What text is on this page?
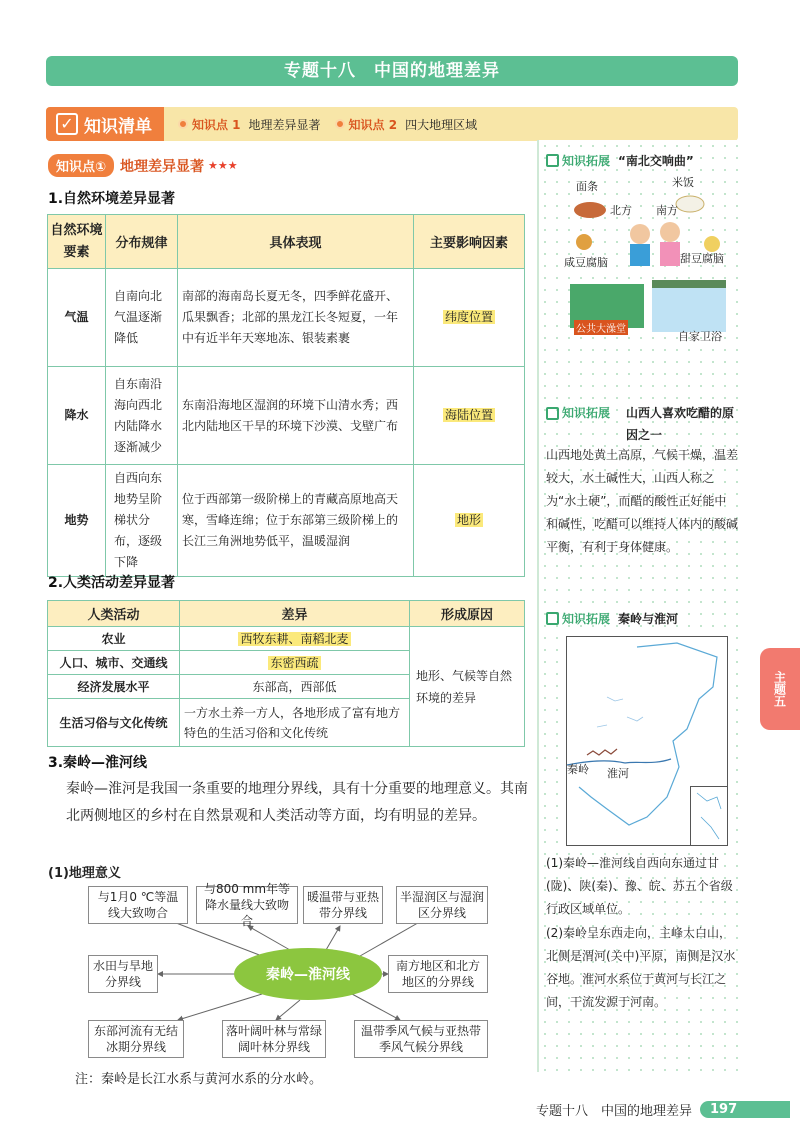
专题十八　中国的地理差异
✓ 知识清单	知识点 1 地理差异显著 知识点 2 四大地理区域
知识点①	地理差异显著 ★★★
1.自然环境差异显著
自然环境要素	分布规律	具体表现	主要影响因素
气温	自南向北气温逐渐降低	南部的海南岛长夏无冬，四季鲜花盛开、瓜果飘香；北部的黑龙江长冬短夏，一年中有近半年天寒地冻、银装素裹	纬度位置
降水	自东南沿海向西北内陆降水逐渐减少	东南沿海地区湿润的环境下山清水秀；西北内陆地区干旱的环境下沙漠、戈壁广布	海陆位置
地势	自西向东地势呈阶梯状分布，逐级下降	位于西部第一级阶梯上的青藏高原地高天寒，雪峰连绵；位于东部第三级阶梯上的长江三角洲地势低平，温暖湿润	地形
2.人类活动差异显著
人类活动	差异	形成原因
农业	西牧东耕、南稻北麦	地形、气候等自然环境的差异
人口、城市、交通线	东密西疏	
经济发展水平	东部高，西部低	
生活习俗与文化传统	一方水土养一方人，各地形成了富有地方特色的生活习俗和文化传统	
3.秦岭—淮河线
秦岭—淮河是我国一条重要的地理分界线，具有十分重要的地理意义。其南北两侧地区的乡村在自然景观和人类活动等方面，均有明显的差异。
(1)地理意义
与1月0 ℃等温线大致吻合
与800 mm年等降水量线大致吻合
暖温带与亚热带分界线
半湿润区与湿润区分界线
水田与旱地分界线	秦岭—淮河线
南方地区和北方地区的分界线
东部河流有无结冰期分界线
落叶阔叶林与常绿阔叶林分界线
温带季风气候与亚热带季风气候分界线
注：秦岭是长江水系与黄河水系的分水岭。
知识拓展 “南北交响曲”
面条	米饭
北方 南方
咸豆腐脑	甜豆腐脑
公共大澡堂
自家卫浴
知识拓展	山西人喜欢吃醋的原因之一
山西地处黄土高原，气候干燥，温差较大，水土碱性大，山西人称之为“水土硬”，而醋的酸性正好能中和碱性，吃醋可以维持人体内的酸碱平衡，有利于身体健康。
知识拓展 秦岭与淮河
秦岭 淮河
(1)秦岭—淮河线自西向东通过甘(陇)、陕(秦)、豫、皖、苏五个省级行政区域单位。
(2)秦岭呈东西走向，主峰太白山，北侧是渭河(关中)平原，南侧是汉水谷地。淮河水系位于黄河与长江之间，干流发源于河南。
主题五
专题十八　中国的地理差异	197
